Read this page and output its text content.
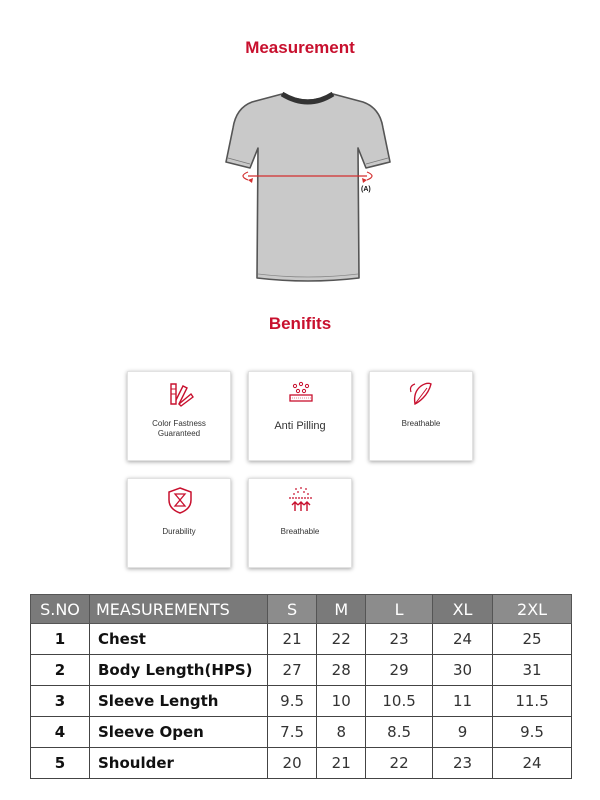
Measurement
(A)
Benifits
Color Fastness Guaranteed
Anti Pilling	Breathable
Durability	Breathable
S.NO	MEASUREMENTS	S	M	L	XL	2XL
1	Chest	21	22	23	24	25
2	Body Length(HPS)	27	28	29	30	31
3	Sleeve Length	9.5	10	10.5	11	11.5
4	Sleeve Open	7.5	8	8.5	9	9.5
5	Shoulder	20	21	22	23	24
